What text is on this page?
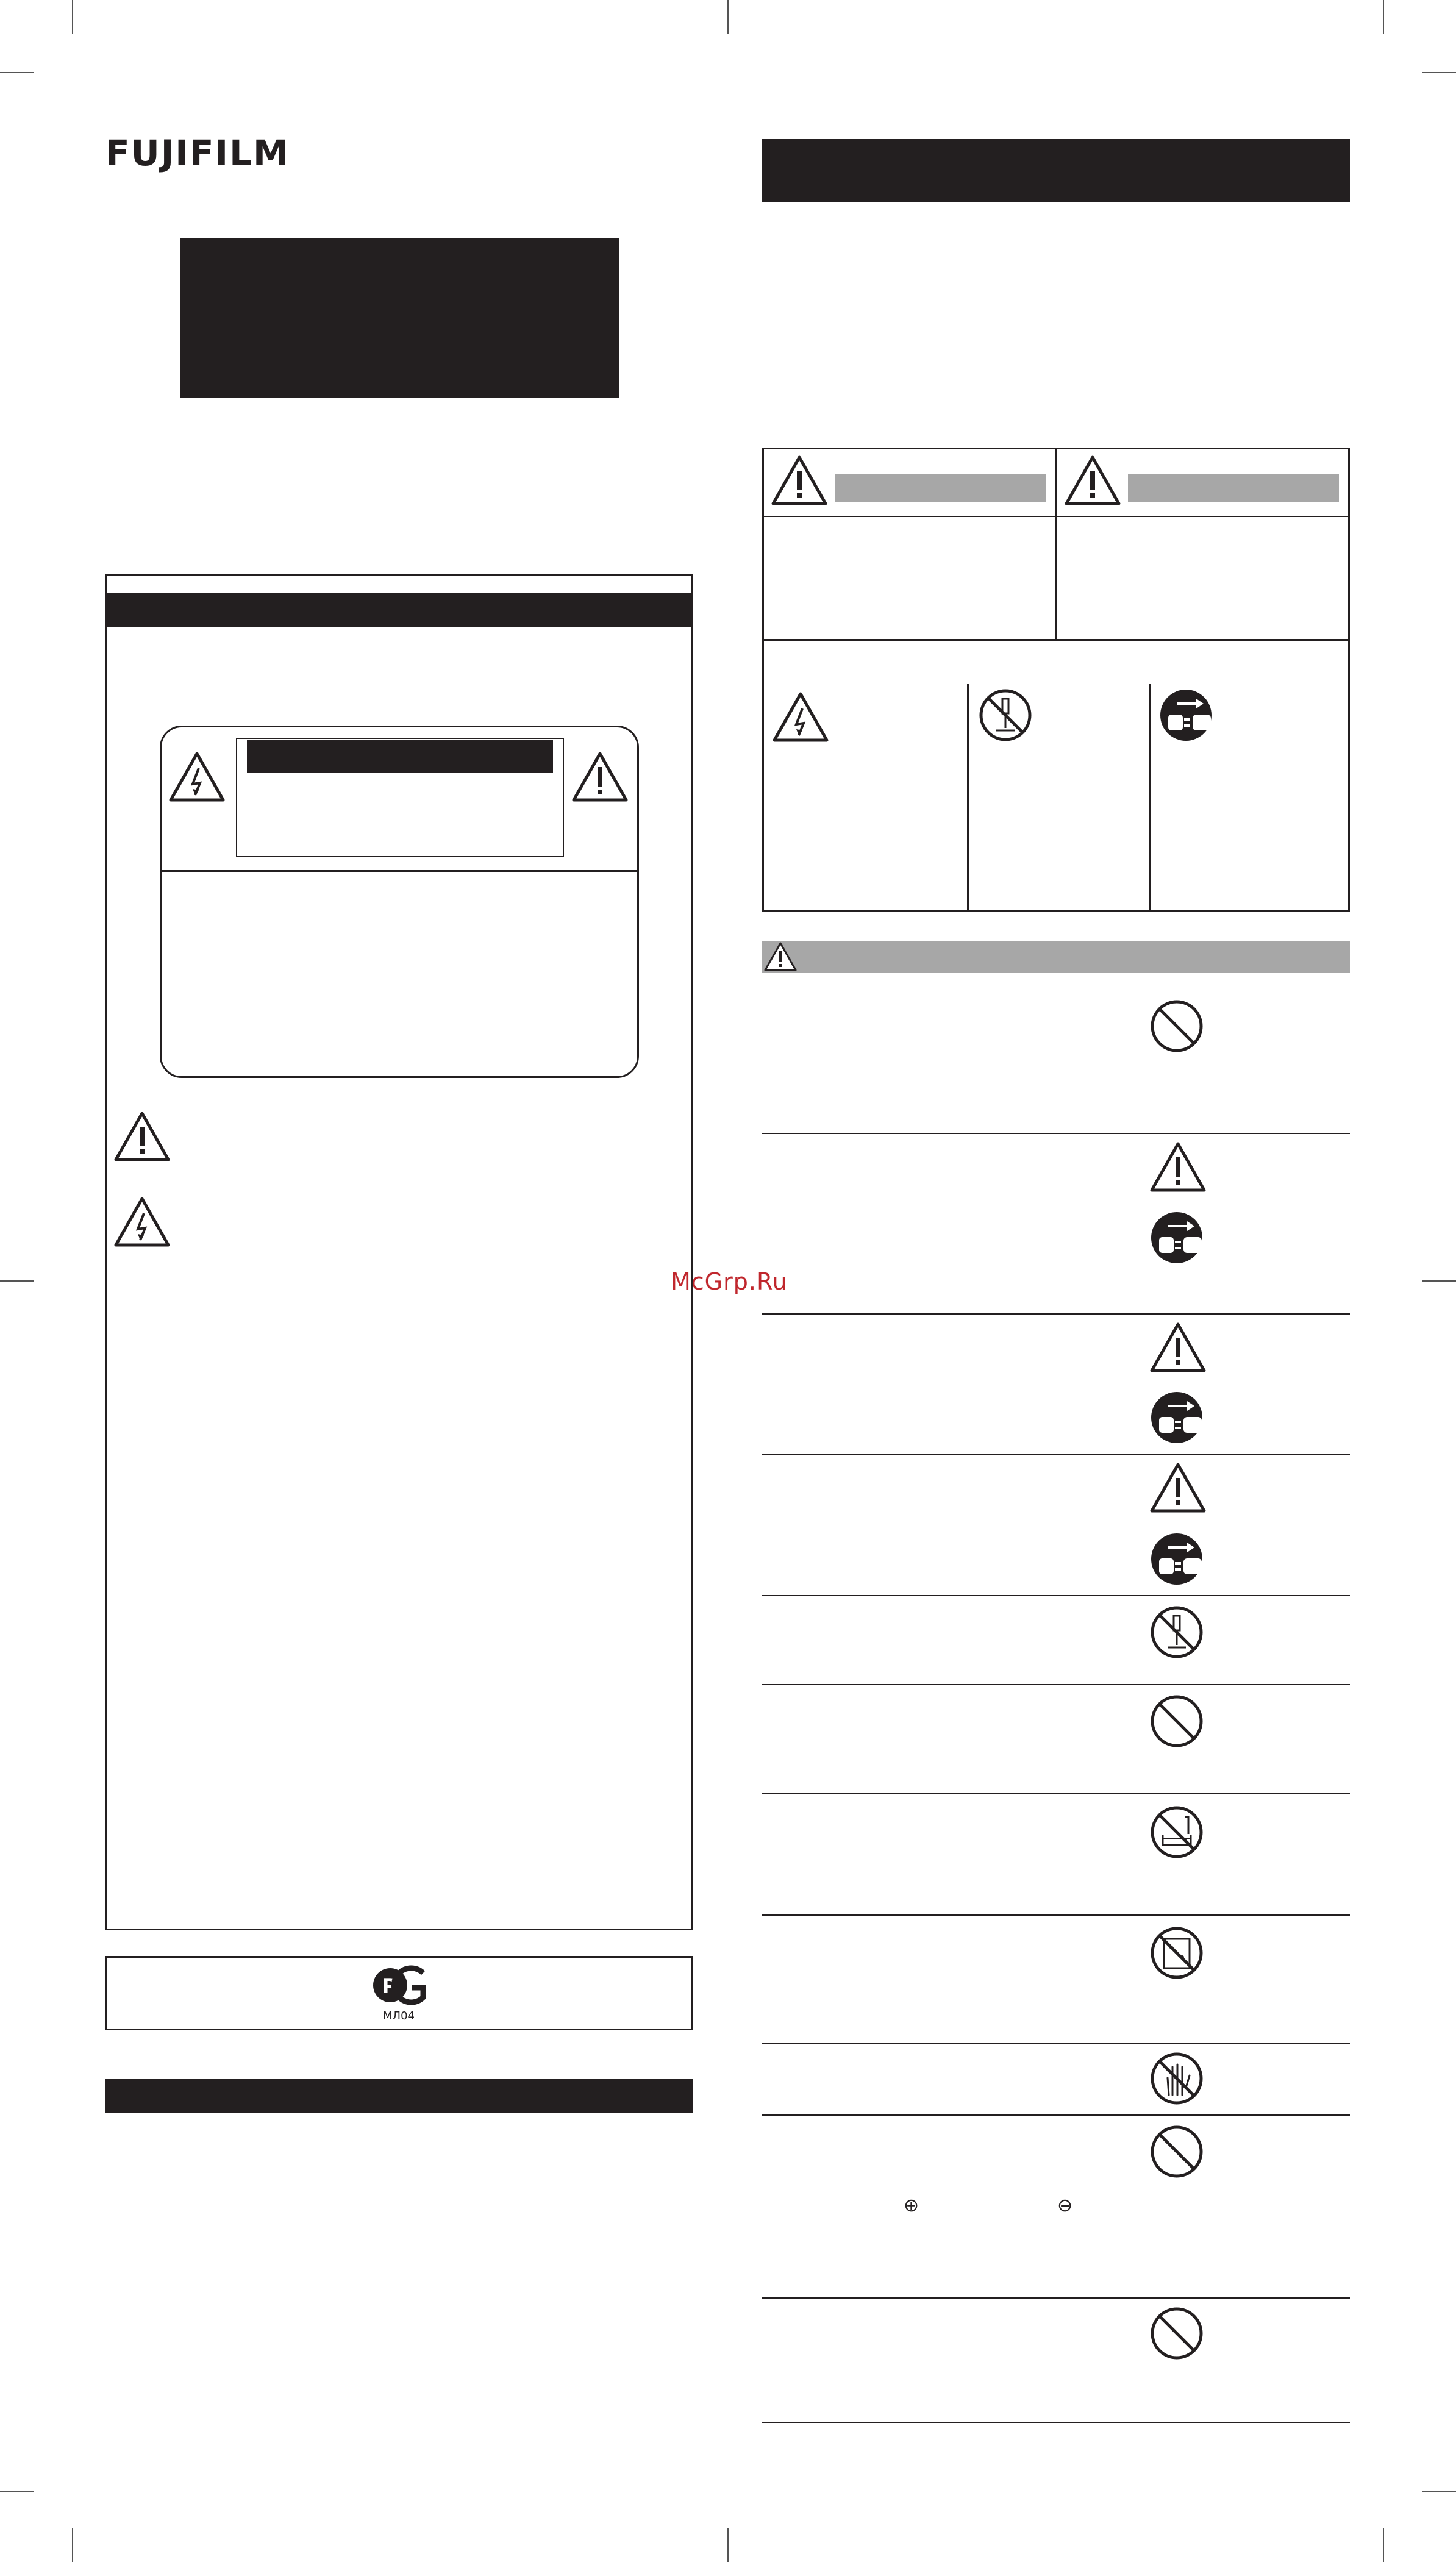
FUJIFILM
P
МЛ04
⊕	⊖
McGrp.Ru
